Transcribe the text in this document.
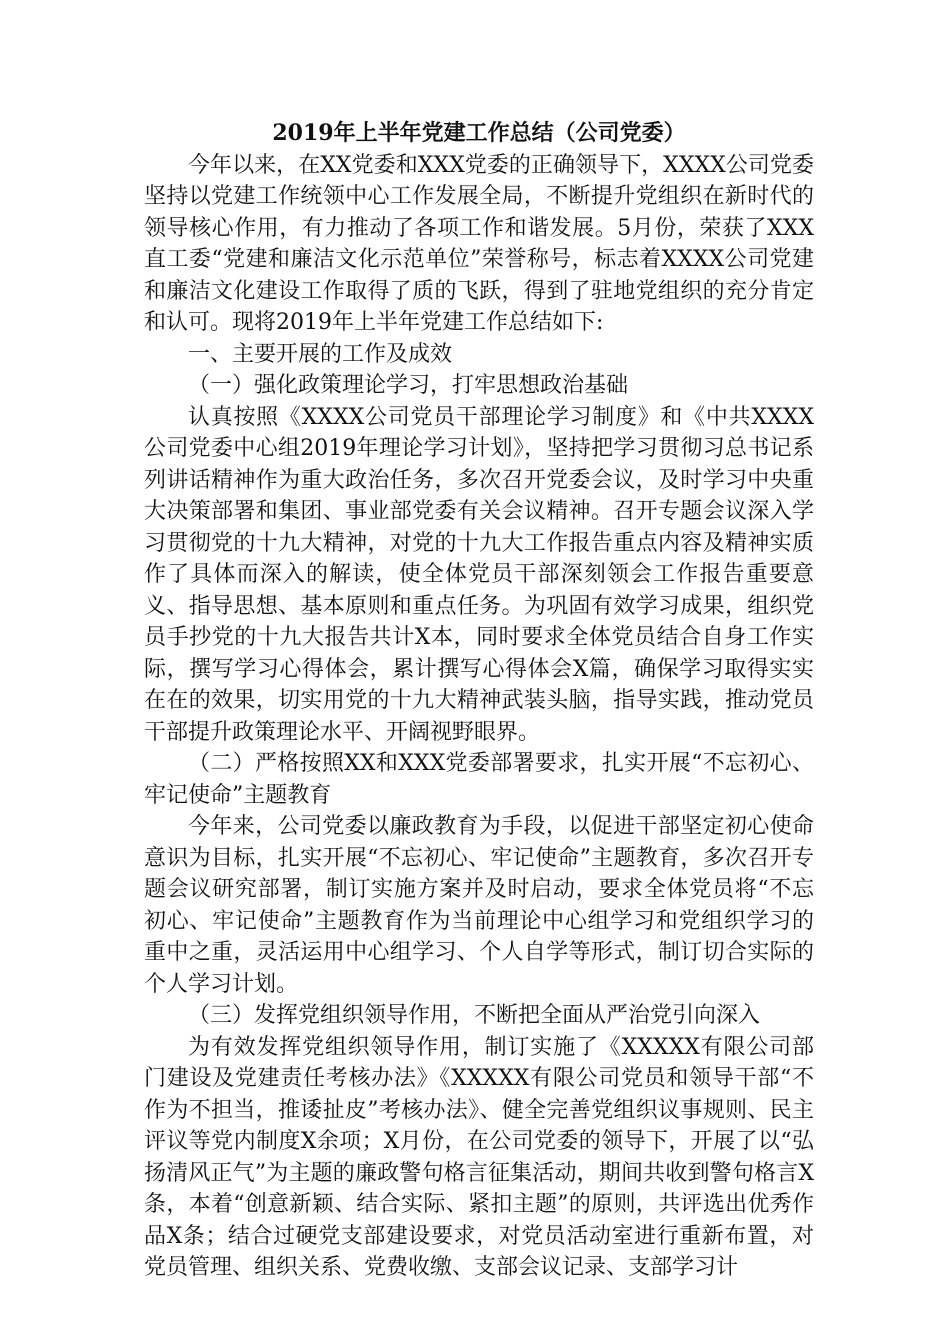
2019年上半年党建工作总结（公司党委）

今年以来，在XX党委和XXX党委的正确领导下，XXXX公司党委坚持以党建工作统领中心工作发展全局，不断提升党组织在新时代的领导核心作用，有力推动了各项工作和谐发展。5月份，荣获了XXX直工委“党建和廉洁文化示范单位”荣誉称号，标志着XXXX公司党建和廉洁文化建设工作取得了质的飞跃，得到了驻地党组织的充分肯定和认可。现将2019年上半年党建工作总结如下:

一、主要开展的工作及成效

（一）强化政策理论学习，打牢思想政治基础

认真按照《XXXX公司党员干部理论学习制度》和《中共XXXX公司党委中心组2019年理论学习计划》，坚持把学习贯彻习总书记系列讲话精神作为重大政治任务，多次召开党委会议，及时学习中央重大决策部署和集团、事业部党委有关会议精神。召开专题会议深入学习贯彻党的十九大精神，对党的十九大工作报告重点内容及精神实质作了具体而深入的解读，使全体党员干部深刻领会工作报告重要意义、指导思想、基本原则和重点任务。为巩固有效学习成果，组织党员手抄党的十九大报告共计X本，同时要求全体党员结合自身工作实际，撰写学习心得体会，累计撰写心得体会X篇，确保学习取得实实在在的效果，切实用党的十九大精神武装头脑，指导实践，推动党员干部提升政策理论水平、开阔视野眼界。

（二）严格按照XX和XXX党委部署要求，扎实开展“不忘初心、牢记使命”主题教育

今年来，公司党委以廉政教育为手段，以促进干部坚定初心使命意识为目标，扎实开展“不忘初心、牢记使命”主题教育，多次召开专题会议研究部署，制订实施方案并及时启动，要求全体党员将“不忘初心、牢记使命”主题教育作为当前理论中心组学习和党组织学习的重中之重，灵活运用中心组学习、个人自学等形式，制订切合实际的个人学习计划。

（三）发挥党组织领导作用，不断把全面从严治党引向深入

为有效发挥党组织领导作用，制订实施了《XXXXX有限公司部门建设及党建责任考核办法》《XXXXX有限公司党员和领导干部“不作为不担当，推诿扯皮”考核办法》、健全完善党组织议事规则、民主评议等党内制度X余项；X月份，在公司党委的领导下，开展了以“弘扬清风正气”为主题的廉政警句格言征集活动，期间共收到警句格言X条，本着“创意新颖、结合实际、紧扣主题”的原则，共评选出优秀作品X条；结合过硬党支部建设要求，对党员活动室进行重新布置，对党员管理、组织关系、党费收缴、支部会议记录、支部学习计
